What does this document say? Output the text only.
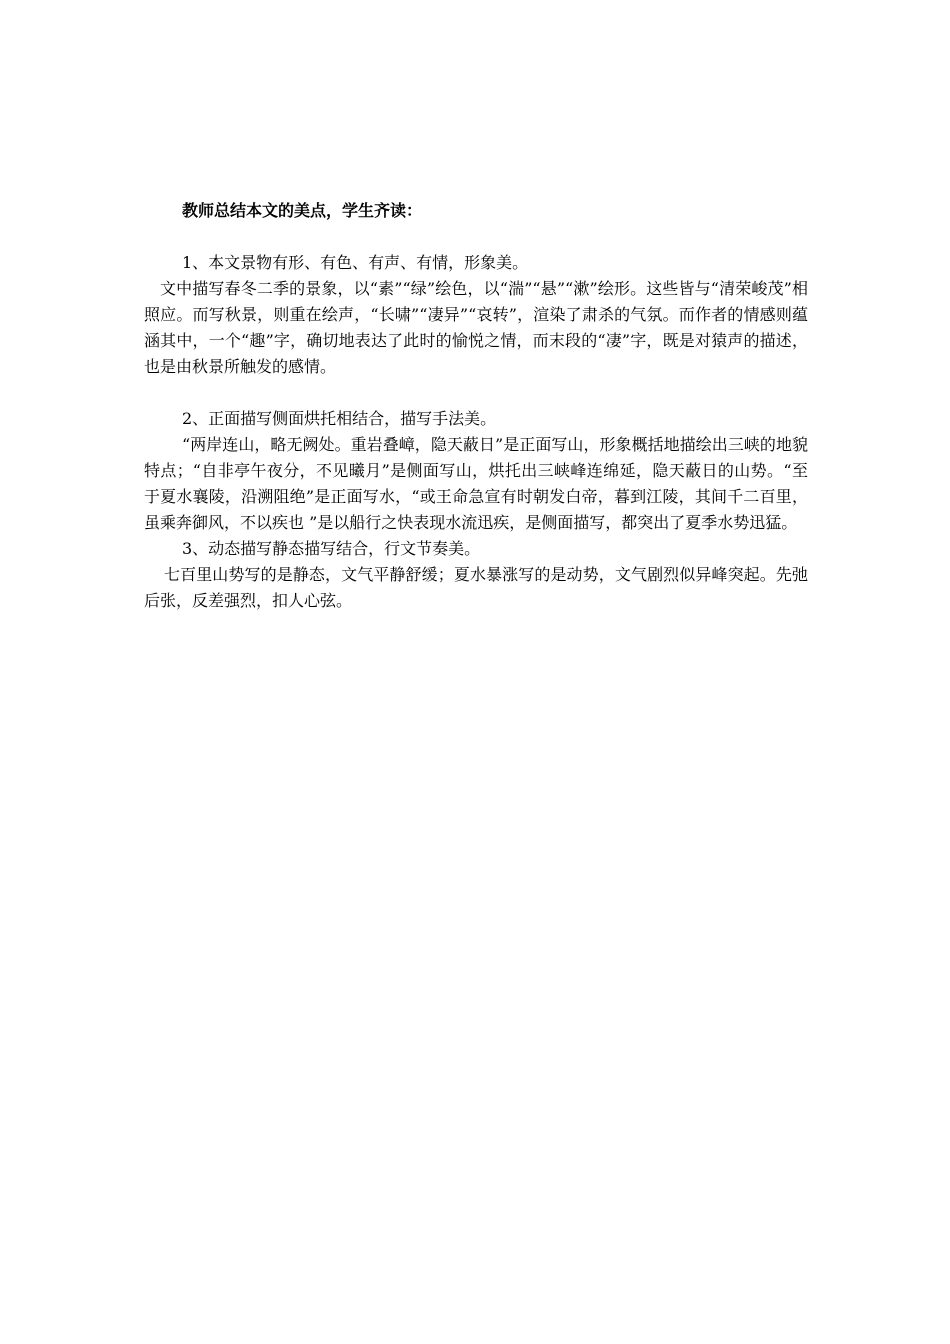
教师总结本文的美点，学生齐读：

1、本文景物有形、有色、有声、有情，形象美。

文中描写春冬二季的景象，以“素”“绿”绘色，以“湍”“悬”“漱”绘形。这些皆与“清荣峻茂”相照应。而写秋景，则重在绘声，“长啸”“凄异”“哀转”，渲染了肃杀的气氛。而作者的情感则蕴涵其中，一个“趣”字，确切地表达了此时的愉悦之情，而末段的“凄”字，既是对猿声的描述，也是由秋景所触发的感情。

2、正面描写侧面烘托相结合，描写手法美。

“两岸连山，略无阙处。重岩叠嶂，隐天蔽日”是正面写山，形象概括地描绘出三峡的地貌特点；“自非亭午夜分，不见曦月”是侧面写山，烘托出三峡峰连绵延，隐天蔽日的山势。“至于夏水襄陵，沿溯阻绝”是正面写水，“或王命急宣有时朝发白帝，暮到江陵，其间千二百里，虽乘奔御风，不以疾也 ”是以船行之快表现水流迅疾，是侧面描写，都突出了夏季水势迅猛。

3、动态描写静态描写结合，行文节奏美。

七百里山势写的是静态，文气平静舒缓；夏水暴涨写的是动势，文气剧烈似异峰突起。先弛后张，反差强烈，扣人心弦。
